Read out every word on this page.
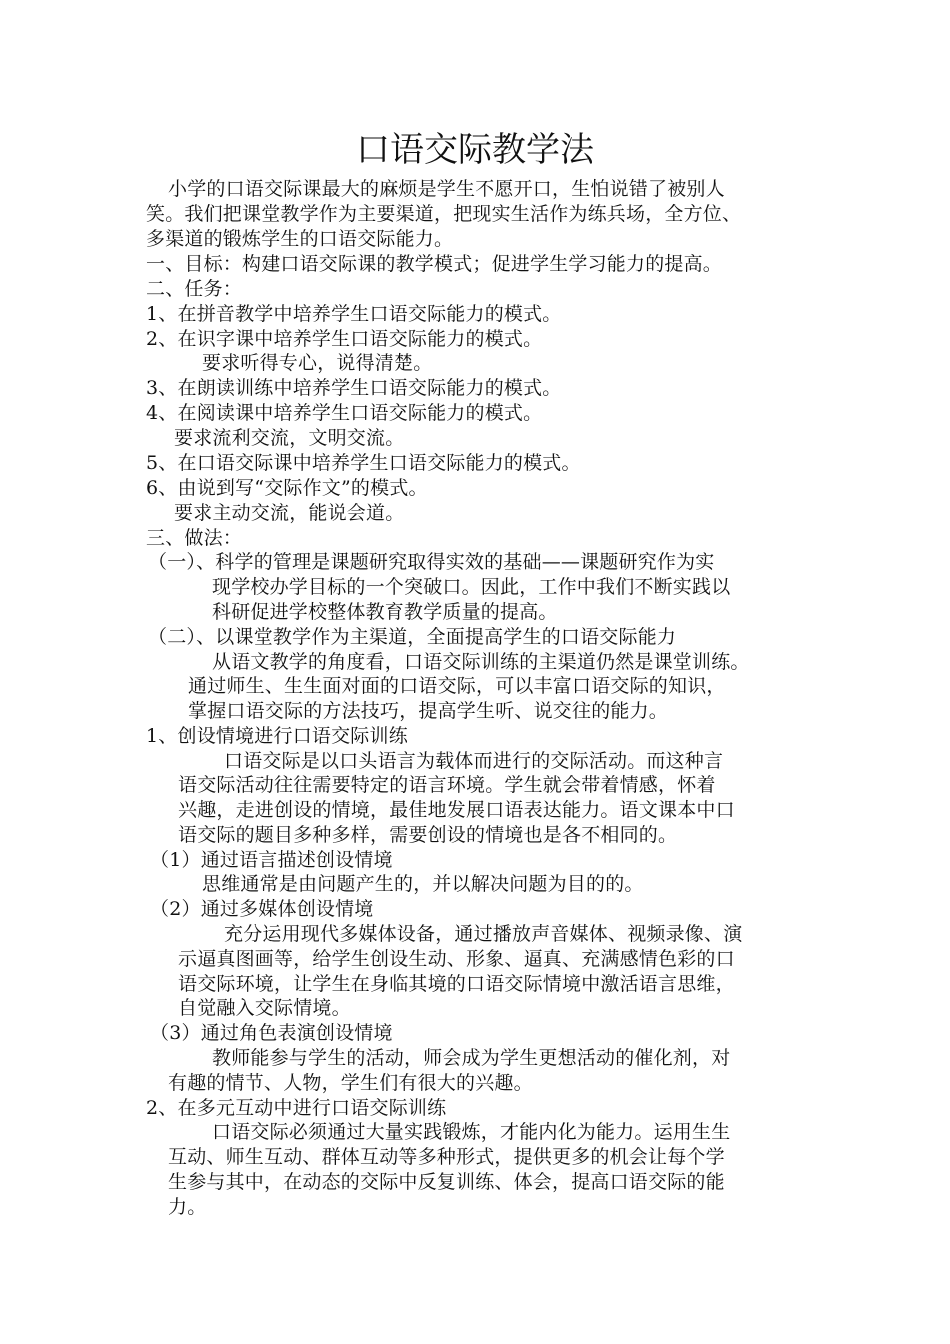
口语交际教学法
小学的口语交际课最大的麻烦是学生不愿开口，生怕说错了被别人
笑。我们把课堂教学作为主要渠道，把现实生活作为练兵场，全方位、
多渠道的锻炼学生的口语交际能力。
一、目标：构建口语交际课的教学模式；促进学生学习能力的提高。
二、任务：
1、在拼音教学中培养学生口语交际能力的模式。
2、在识字课中培养学生口语交际能力的模式。
要求听得专心，说得清楚。
3、在朗读训练中培养学生口语交际能力的模式。
4、在阅读课中培养学生口语交际能力的模式。
要求流利交流，文明交流。
5、在口语交际课中培养学生口语交际能力的模式。
6、由说到写“交际作文”的模式。
要求主动交流，能说会道。
三、做法：
（一）、科学的管理是课题研究取得实效的基础——课题研究作为实
现学校办学目标的一个突破口。因此，工作中我们不断实践以
科研促进学校整体教育教学质量的提高。
（二）、以课堂教学作为主渠道，全面提高学生的口语交际能力
从语文教学的角度看，口语交际训练的主渠道仍然是课堂训练。
通过师生、生生面对面的口语交际，可以丰富口语交际的知识，
掌握口语交际的方法技巧，提高学生听、说交往的能力。
1、创设情境进行口语交际训练
口语交际是以口头语言为载体而进行的交际活动。而这种言
语交际活动往往需要特定的语言环境。学生就会带着情感，怀着
兴趣，走进创设的情境，最佳地发展口语表达能力。语文课本中口
语交际的题目多种多样，需要创设的情境也是各不相同的。
（1）通过语言描述创设情境
思维通常是由问题产生的，并以解决问题为目的的。
（2）通过多媒体创设情境
充分运用现代多媒体设备，通过播放声音媒体、视频录像、演
示逼真图画等，给学生创设生动、形象、逼真、充满感情色彩的口
语交际环境，让学生在身临其境的口语交际情境中激活语言思维，
自觉融入交际情境。
（3）通过角色表演创设情境
教师能参与学生的活动，师会成为学生更想活动的催化剂，对
有趣的情节、人物，学生们有很大的兴趣。
2、在多元互动中进行口语交际训练
口语交际必须通过大量实践锻炼，才能内化为能力。运用生生
互动、师生互动、群体互动等多种形式，提供更多的机会让每个学
生参与其中，在动态的交际中反复训练、体会，提高口语交际的能
力。
